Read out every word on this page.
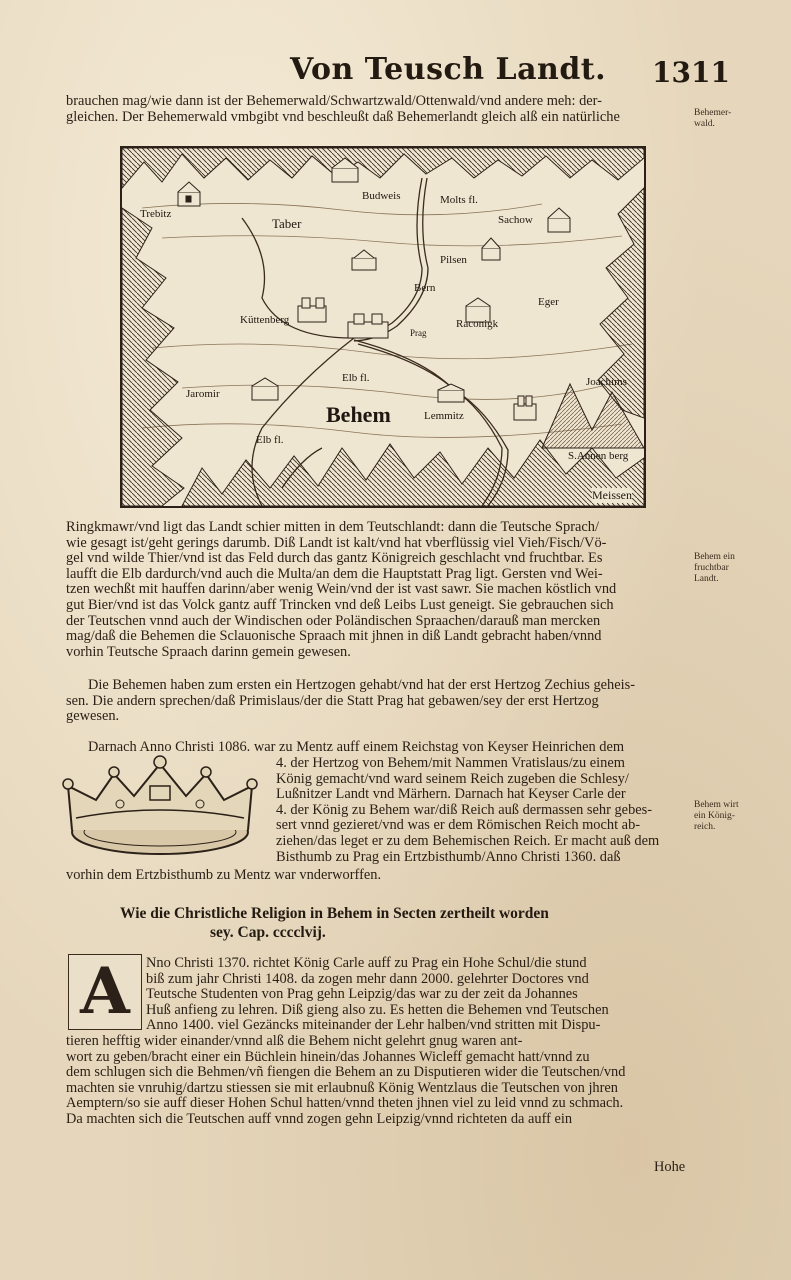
Von Teusch Landt. 1311
brauchen mag/wie dann ist der Behemerwald/Schwartzwald/Ottenwald/vnd andere meh: der-
gleichen. Der Behemerwald vmbgibt vnd beschleußt daß Behemerlandt gleich alß ein natürliche	Behemer-
wald.
Trebitz
Taber
Budweis	Molts fl.
Sachow
Pilsen
Bern
Küttenberg
Prag
Raconigk
Eger
Elb fl.
Jaromir
Behem	Lemmitz
Joachims
S.Annen berg
Elb fl.
Meissen
Ringkmawr/vnd ligt das Landt schier mitten in dem Teutschlandt: dann die Teutsche Sprach/
wie gesagt ist/geht gerings darumb. Diß Landt ist kalt/vnd hat vberflüssig viel Vieh/Fisch/Vö-
gel vnd wilde Thier/vnd ist das Feld durch das gantz Königreich geschlacht vnd fruchtbar. Es
laufft die Elb dardurch/vnd auch die Multa/an dem die Hauptstatt Prag ligt. Gersten vnd Wei-
tzen wechßt mit hauffen darinn/aber wenig Wein/vnd der ist vast sawr. Sie machen köstlich vnd
gut Bier/vnd ist das Volck gantz auff Trincken vnd deß Leibs Lust geneigt. Sie gebrauchen sich
der Teutschen vnnd auch der Windischen oder Poländischen Spraachen/darauß man mercken
mag/daß die Behemen die Sclauonische Spraach mit jhnen in diß Landt gebracht haben/vnnd
vorhin Teutsche Spraach darinn gemein gewesen.
Behem ein
fruchtbar
Landt.
Die Behemen haben zum ersten ein Hertzogen gehabt/vnd hat der erst Hertzog Zechius geheis-
sen. Die andern sprechen/daß Primislaus/der die Statt Prag hat gebawen/sey der erst Hertzog
gewesen.
Darnach Anno Christi 1086. war zu Mentz auff einem Reichstag von Keyser Heinrichen dem
4. der Hertzog von Behem/mit Nammen Vratislaus/zu einem
König gemacht/vnd ward seinem Reich zugeben die Schlesy/
Lußnitzer Landt vnd Märhern. Darnach hat Keyser Carle der
4. der König zu Behem war/diß Reich auß dermassen sehr gebes-
sert vnnd gezieret/vnd was er dem Römischen Reich mocht ab-
ziehen/das leget er zu dem Behemischen Reich. Er macht auß dem
Bisthumb zu Prag ein Ertzbisthumb/Anno Christi 1360. daß
vorhin dem Ertzbisthumb zu Mentz war vnderworffen.
Behem wirt
ein König-
reich.
Wie die Christliche Religion in Behem in Secten zertheilt worden
sey. Cap. cccclvij.
A	Nno Christi 1370. richtet König Carle auff zu Prag ein Hohe Schul/die stund
biß zum jahr Christi 1408. da zogen mehr dann 2000. gelehrter Doctores vnd
Teutsche Studenten von Prag gehn Leipzig/das war zu der zeit da Johannes
Huß anfieng zu lehren. Diß gieng also zu. Es hetten die Behemen vnd Teutschen
Anno 1400. viel Gezäncks miteinander der Lehr halben/vnd stritten mit Dispu-
tieren hefftig wider einander/vnnd alß die Behem nicht gelehrt gnug waren ant-
wort zu geben/bracht einer ein Büchlein hinein/das Johannes Wicleff gemacht hatt/vnnd zu
dem schlugen sich die Behmen/vñ fiengen die Behem an zu Disputieren wider die Teutschen/vnd
machten sie vnruhig/dartzu stiessen sie mit erlaubnuß König Wentzlaus die Teutschen von jhren
Aemptern/so sie auff dieser Hohen Schul hatten/vnnd theten jhnen viel zu leid vnnd zu schmach.
Da machten sich die Teutschen auff vnnd zogen gehn Leipzig/vnnd richteten da auff ein
Hohe
